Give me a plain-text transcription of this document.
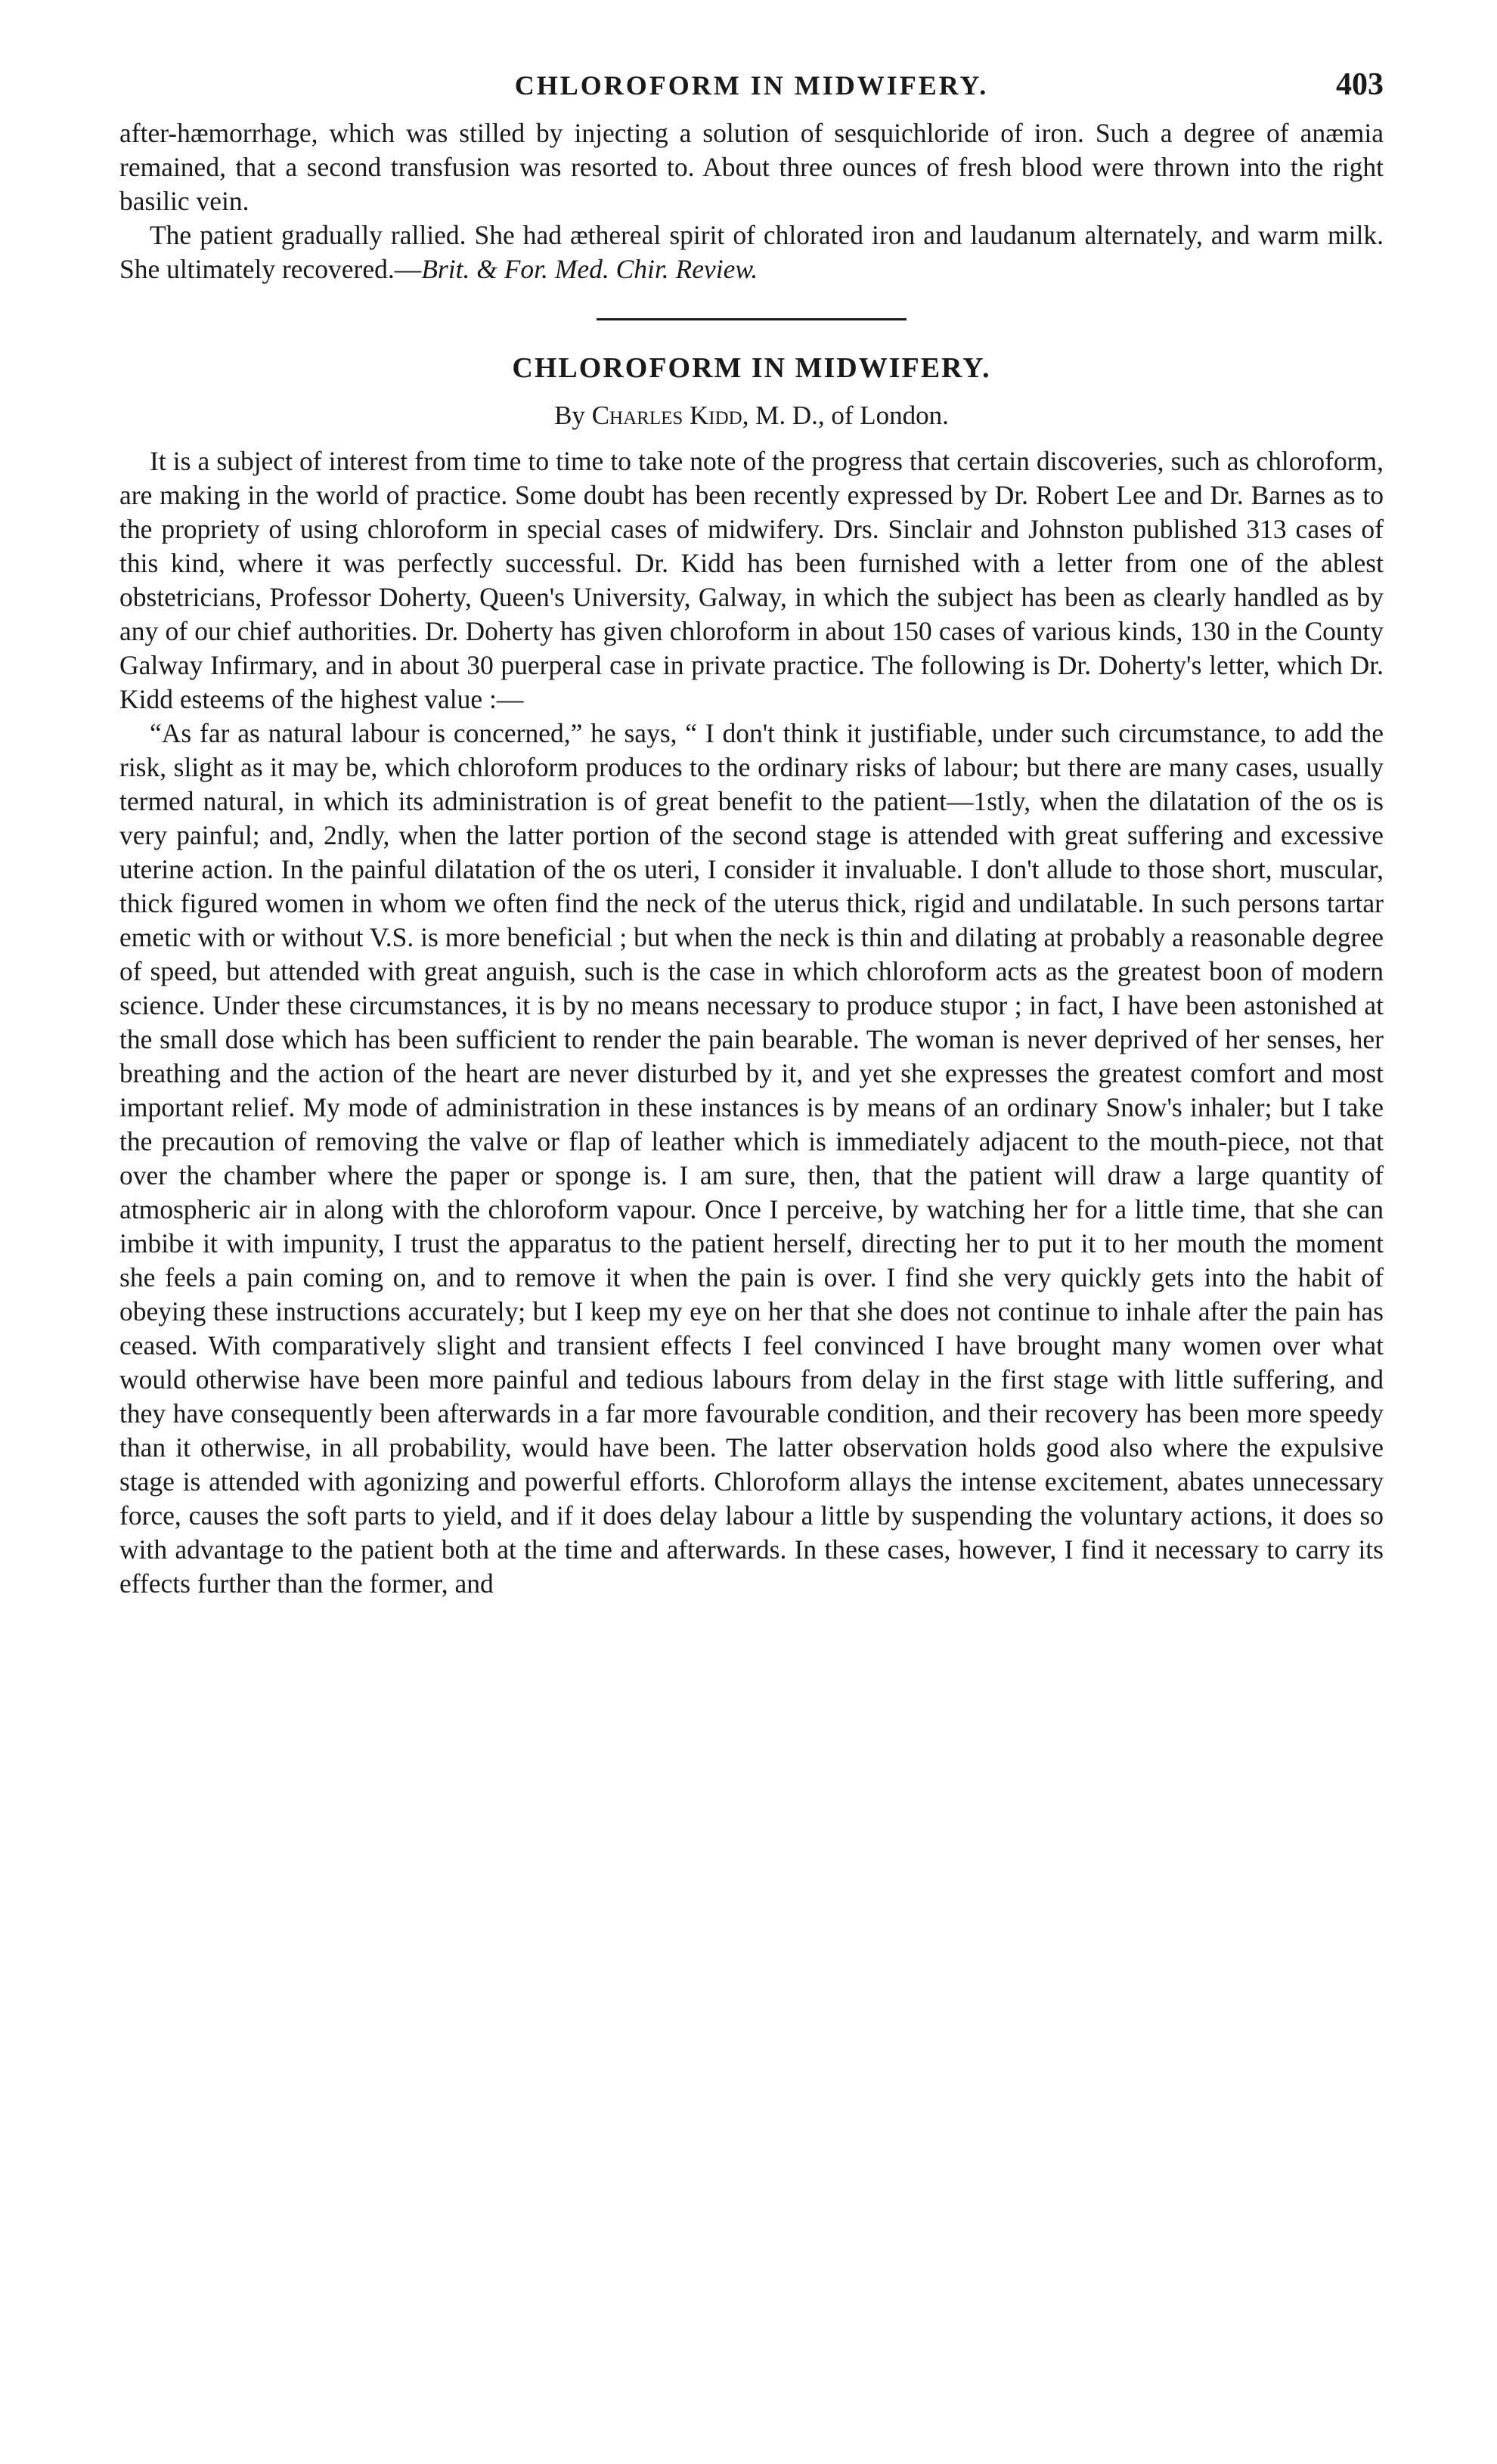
CHLOROFORM IN MIDWIFERY.	403

after-hæmorrhage, which was stilled by injecting a solution of sesquichloride of iron. Such a degree of anæmia remained, that a second transfusion was resorted to. About three ounces of fresh blood were thrown into the right basilic vein.

The patient gradually rallied. She had æthereal spirit of chlorated iron and laudanum alternately, and warm milk. She ultimately recovered.—Brit. & For. Med. Chir. Review.

CHLOROFORM IN MIDWIFERY.

By Charles Kidd, M. D., of London.

It is a subject of interest from time to time to take note of the progress that certain discoveries, such as chloroform, are making in the world of practice. Some doubt has been recently expressed by Dr. Robert Lee and Dr. Barnes as to the propriety of using chloroform in special cases of midwifery. Drs. Sinclair and Johnston published 313 cases of this kind, where it was perfectly successful. Dr. Kidd has been furnished with a letter from one of the ablest obstetricians, Professor Doherty, Queen's University, Galway, in which the subject has been as clearly handled as by any of our chief authorities. Dr. Doherty has given chloroform in about 150 cases of various kinds, 130 in the County Galway Infirmary, and in about 30 puerperal case in private practice. The following is Dr. Doherty's letter, which Dr. Kidd esteems of the highest value :—

“As far as natural labour is concerned,” he says, “ I don't think it justifiable, under such circumstance, to add the risk, slight as it may be, which chloroform produces to the ordinary risks of labour; but there are many cases, usually termed natural, in which its administration is of great benefit to the patient—1stly, when the dilatation of the os is very painful; and, 2ndly, when the latter portion of the second stage is attended with great suffering and excessive uterine action. In the painful dilatation of the os uteri, I consider it invaluable. I don't allude to those short, muscular, thick figured women in whom we often find the neck of the uterus thick, rigid and undilatable. In such persons tartar emetic with or without V.S. is more beneficial ; but when the neck is thin and dilating at probably a reasonable degree of speed, but attended with great anguish, such is the case in which chloroform acts as the greatest boon of modern science. Under these circumstances, it is by no means necessary to produce stupor ; in fact, I have been astonished at the small dose which has been sufficient to render the pain bearable. The woman is never deprived of her senses, her breathing and the action of the heart are never disturbed by it, and yet she expresses the greatest comfort and most important relief. My mode of administration in these instances is by means of an ordinary Snow's inhaler; but I take the precaution of removing the valve or flap of leather which is immediately adjacent to the mouth-piece, not that over the chamber where the paper or sponge is. I am sure, then, that the patient will draw a large quantity of atmospheric air in along with the chloroform vapour. Once I perceive, by watching her for a little time, that she can imbibe it with impunity, I trust the apparatus to the patient herself, directing her to put it to her mouth the moment she feels a pain coming on, and to remove it when the pain is over. I find she very quickly gets into the habit of obeying these instructions accurately; but I keep my eye on her that she does not continue to inhale after the pain has ceased. With comparatively slight and transient effects I feel convinced I have brought many women over what would otherwise have been more painful and tedious labours from delay in the first stage with little suffering, and they have consequently been afterwards in a far more favourable condition, and their recovery has been more speedy than it otherwise, in all probability, would have been. The latter observation holds good also where the expulsive stage is attended with agonizing and powerful efforts. Chloroform allays the intense excitement, abates unnecessary force, causes the soft parts to yield, and if it does delay labour a little by suspending the voluntary actions, it does so with advantage to the patient both at the time and afterwards. In these cases, however, I find it necessary to carry its effects further than the former, and
